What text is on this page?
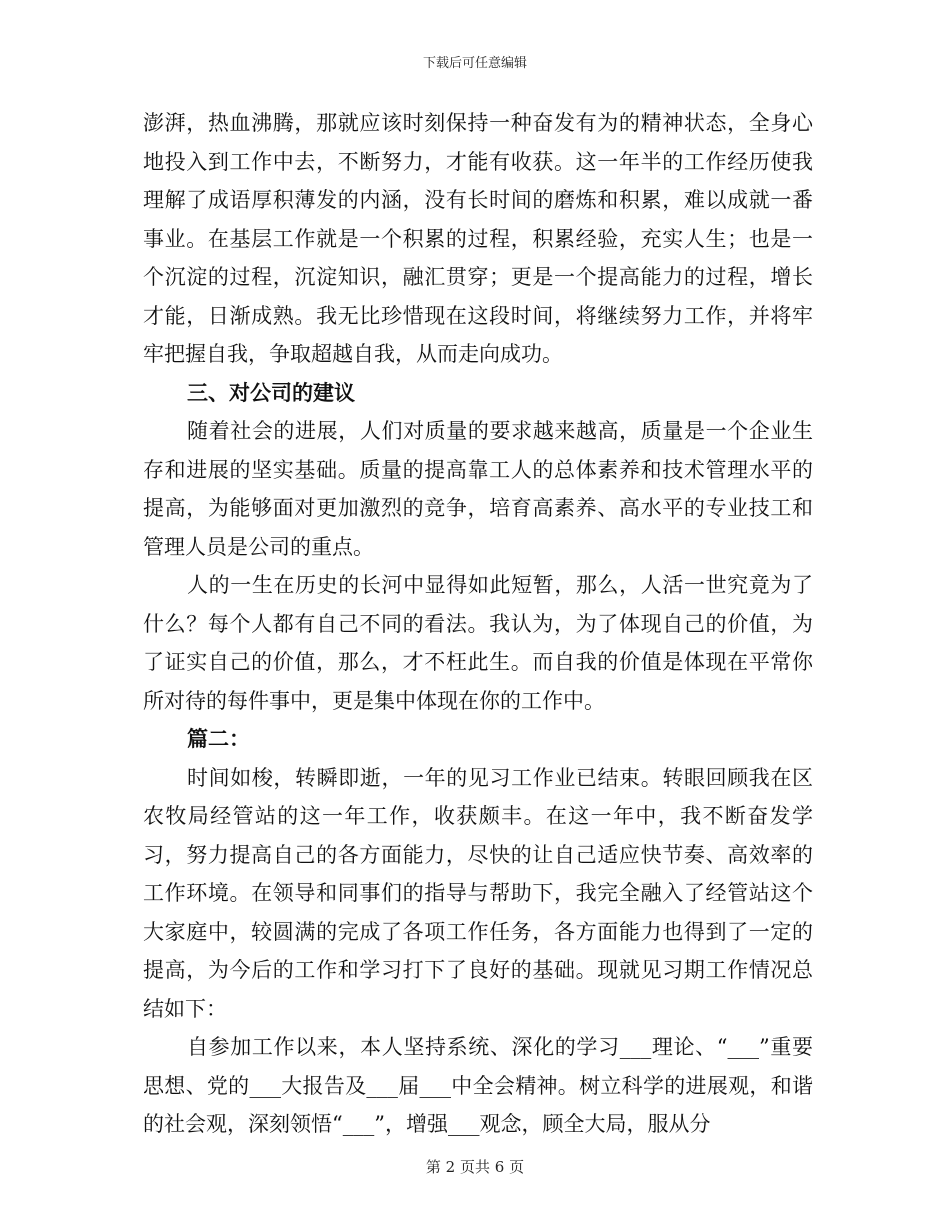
下载后可任意编辑

澎湃，热血沸腾，那就应该时刻保持一种奋发有为的精神状态，全身心地投入到工作中去，不断努力，才能有收获。这一年半的工作经历使我理解了成语厚积薄发的内涵，没有长时间的磨炼和积累，难以成就一番事业。在基层工作就是一个积累的过程，积累经验，充实人生；也是一个沉淀的过程，沉淀知识，融汇贯穿；更是一个提高能力的过程，增长才能，日渐成熟。我无比珍惜现在这段时间，将继续努力工作，并将牢牢把握自我，争取超越自我，从而走向成功。

三、对公司的建议

随着社会的进展，人们对质量的要求越来越高，质量是一个企业生存和进展的坚实基础。质量的提高靠工人的总体素养和技术管理水平的提高，为能够面对更加激烈的竞争，培育高素养、高水平的专业技工和管理人员是公司的重点。

人的一生在历史的长河中显得如此短暂，那么，人活一世究竟为了什么？每个人都有自己不同的看法。我认为，为了体现自己的价值，为了证实自己的价值，那么，才不枉此生。而自我的价值是体现在平常你所对待的每件事中，更是集中体现在你的工作中。

篇二：

时间如梭，转瞬即逝，一年的见习工作业已结束。转眼回顾我在区农牧局经管站的这一年工作，收获颇丰。在这一年中，我不断奋发学习，努力提高自己的各方面能力，尽快的让自己适应快节奏、高效率的工作环境。在领导和同事们的指导与帮助下，我完全融入了经管站这个大家庭中，较圆满的完成了各项工作任务，各方面能力也得到了一定的提高，为今后的工作和学习打下了良好的基础。现就见习期工作情况总结如下：

自参加工作以来，本人坚持系统、深化的学习___理论、“___”重要思想、党的___大报告及___届___中全会精神。树立科学的进展观，和谐的社会观，深刻领悟“___”，增强___观念，顾全大局，服从分

第 2 页共 6 页
